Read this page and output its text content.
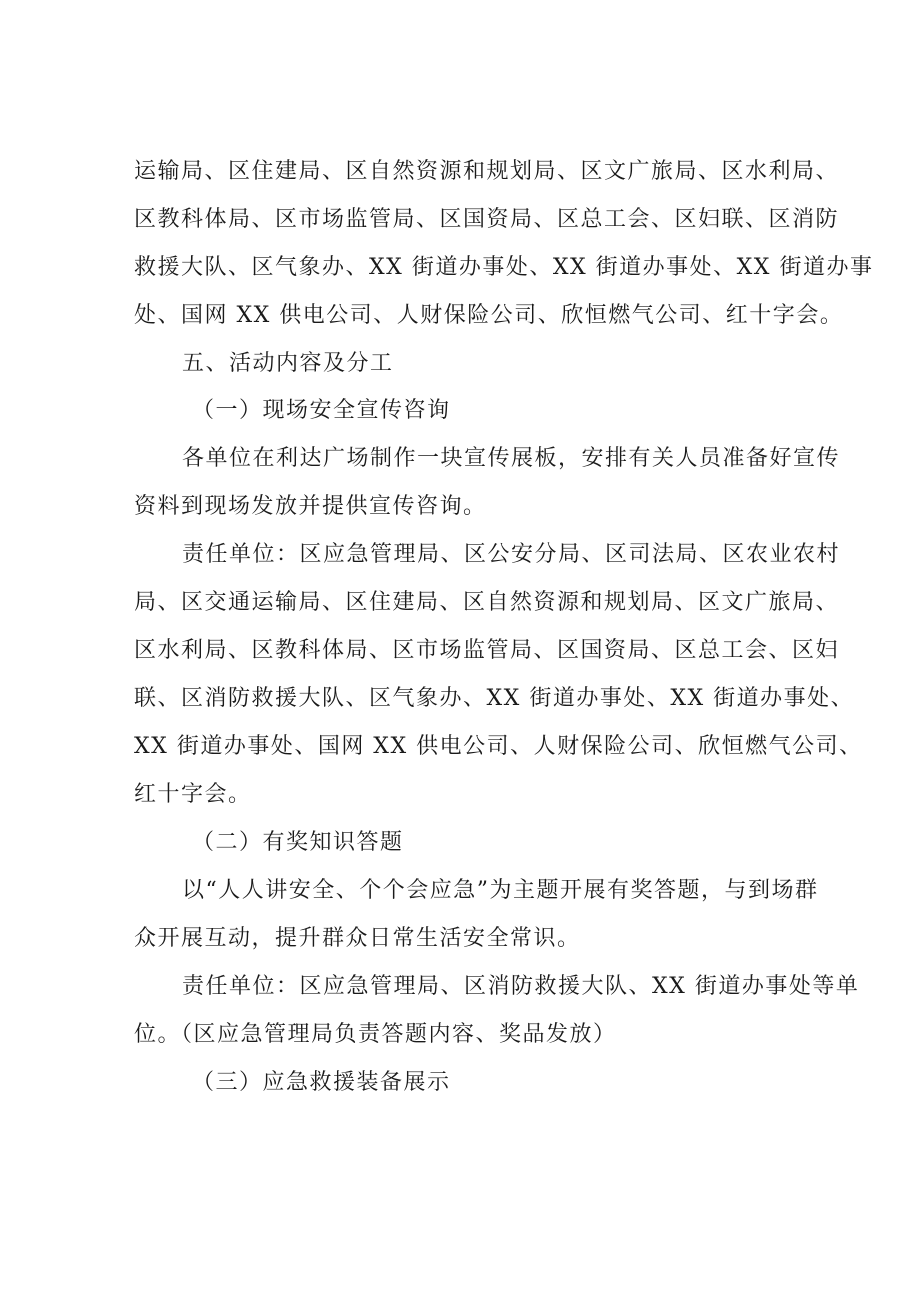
运输局、区住建局、区自然资源和规划局、区文广旅局、区水利局、
区教科体局、区市场监管局、区国资局、区总工会、区妇联、区消防
救援大队、区气象办、XX 街道办事处、XX 街道办事处、XX 街道办事
处、国网 XX 供电公司、人财保险公司、欣恒燃气公司、红十字会。
五、活动内容及分工
（一）现场安全宣传咨询
各单位在利达广场制作一块宣传展板，安排有关人员准备好宣传
资料到现场发放并提供宣传咨询。
责任单位：区应急管理局、区公安分局、区司法局、区农业农村
局、区交通运输局、区住建局、区自然资源和规划局、区文广旅局、
区水利局、区教科体局、区市场监管局、区国资局、区总工会、区妇
联、区消防救援大队、区气象办、XX 街道办事处、XX 街道办事处、
XX 街道办事处、国网 XX 供电公司、人财保险公司、欣恒燃气公司、
红十字会。
（二）有奖知识答题
以“人人讲安全、个个会应急”为主题开展有奖答题，与到场群
众开展互动，提升群众日常生活安全常识。
责任单位：区应急管理局、区消防救援大队、XX 街道办事处等单
位。（区应急管理局负责答题内容、奖品发放）
（三）应急救援装备展示
